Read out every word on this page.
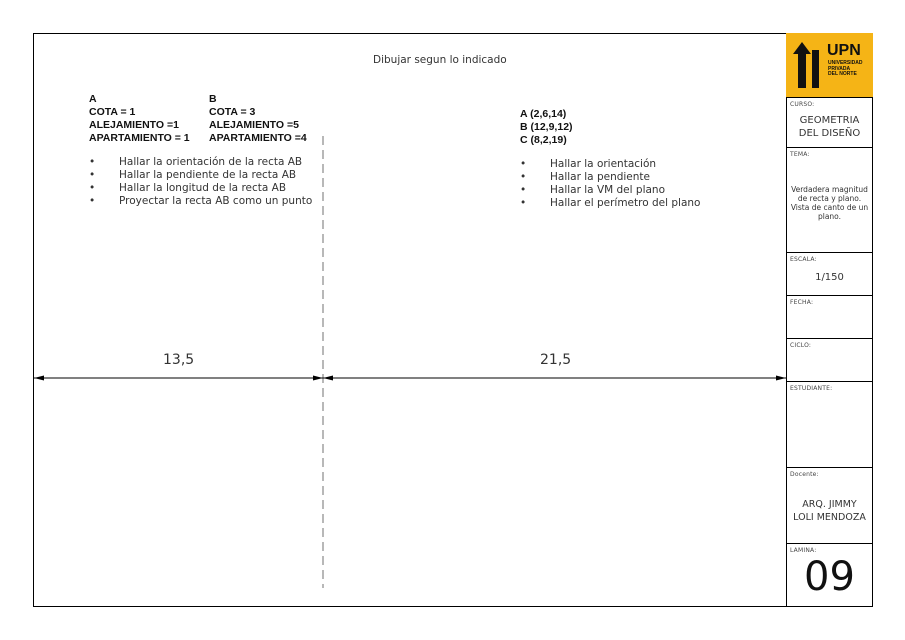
Dibujar segun lo indicado
A
COTA = 1
ALEJAMIENTO =1
APARTAMIENTO = 1
B
COTA = 3
ALEJAMIENTO =5
APARTAMIENTO =4
• Hallar la orientación de la recta AB
• Hallar la pendiente de la recta AB
• Hallar la longitud de la recta AB
• Proyectar la recta AB como un punto
A (2,6,14)
B (12,9,12)
C (8,2,19)
• Hallar la orientación
• Hallar la pendiente
• Hallar la VM del plano
• Hallar el perímetro del plano
13,5	21,5
UPN
UNIVERSIDAD
PRIVADA
DEL NORTE
CURSO:
GEOMETRIA
DEL DISEÑO
TEMA:
Verdadera magnitud
de recta y plano.
Vista de canto de un
plano.
ESCALA:
1/150
FECHA:
CICLO:
ESTUDIANTE:
Docente:
ARQ. JIMMY
LOLI MENDOZA
LAMINA:
09
